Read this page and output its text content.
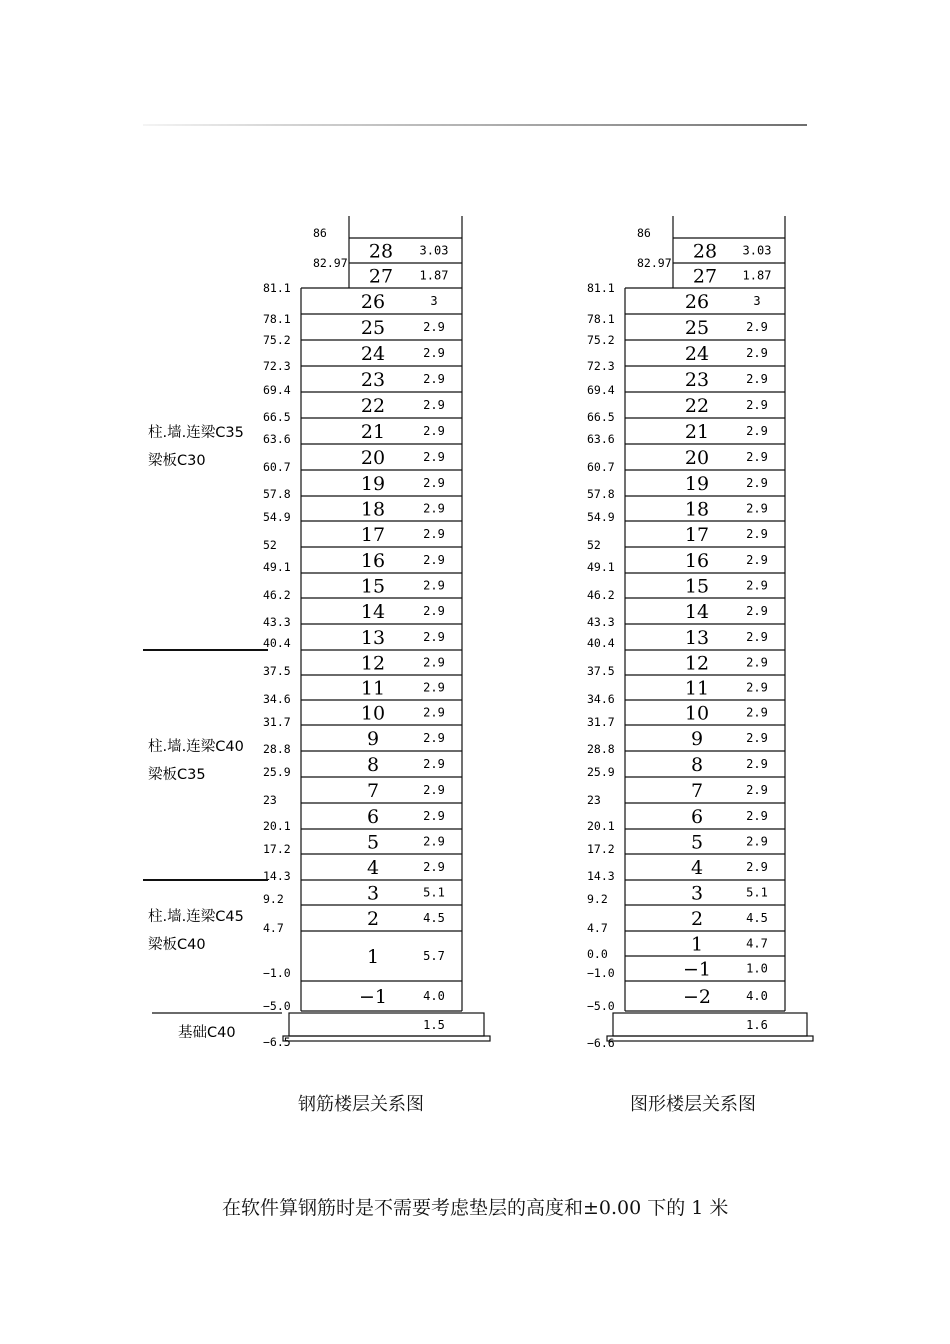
1.5
28 3.03
27 1.87
26	3
25	2.9
24	2.9
23	2.9
22	2.9
21	2.9
20	2.9
19	2.9
18	2.9
17	2.9
16	2.9
15	2.9
14	2.9
13	2.9
12	2.9
11	2.9
10	2.9
9	2.9
8	2.9
7	2.9
6	2.9
5	2.9
4	2.9
3	5.1
2	4.5
1	5.7
−1	4.0
86
82.97
81.1
78.1
75.2
72.3
69.4
66.5
63.6
60.7
57.8
54.9
52
49.1
46.2
43.3
40.4
37.5
34.6
31.7
28.8
25.9
23
20.1
17.2
14.3
9.2
4.7
−1.0
−5.0
−6.5
1.6
28 3.03
27 1.87
26	3
25	2.9
24	2.9
23	2.9
22	2.9
21	2.9
20	2.9
19	2.9
18	2.9
17	2.9
16	2.9
15	2.9
14	2.9
13	2.9
12	2.9
11	2.9
10	2.9
9	2.9
8	2.9
7	2.9
6	2.9
5	2.9
4	2.9
3	5.1
2	4.5
1	4.7
−1	1.0
−2	4.0
86
82.97
81.1
78.1
75.2
72.3
69.4
66.5
63.6
60.7
57.8
54.9
52
49.1
46.2
43.3
40.4
37.5
34.6
31.7
28.8
25.9
23
20.1
17.2
14.3
9.2
4.7
0.0
−1.0
−5.0
−6.6
柱.墙.连梁C35
梁板C30
柱.墙.连梁C40
梁板C35
柱.墙.连梁C45
梁板C40
基础C40
钢筋楼层关系图	图形楼层关系图
在软件算钢筋时是不需要考虑垫层的高度和±0.00 下的 1 米
